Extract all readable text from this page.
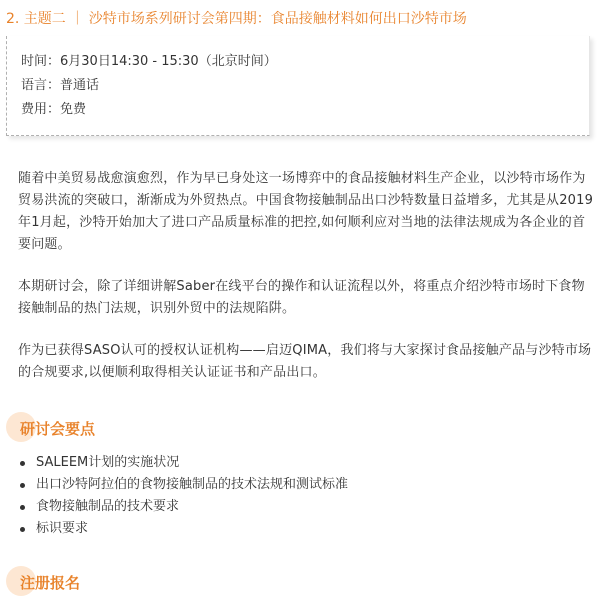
2. 主题二 ｜ 沙特市场系列研讨会第四期：食品接触材料如何出口沙特市场
时间：6月30日14:30 - 15:30（北京时间）
语言：普通话
费用：免费

随着中美贸易战愈演愈烈，作为早已身处这一场博弈中的食品接触材料生产企业，以沙特市场作为贸易洪流的突破口，渐渐成为外贸热点。中国食物接触制品出口沙特数量日益增多，尤其是从2019年1月起，沙特开始加大了进口产品质量标准的把控,如何顺利应对当地的法律法规成为各企业的首要问题。

本期研讨会，除了详细讲解Saber在线平台的操作和认证流程以外，将重点介绍沙特市场时下食物接触制品的热门法规，识别外贸中的法规陷阱。

作为已获得SASO认可的授权认证机构——启迈QIMA，我们将与大家探讨食品接触产品与沙特市场的合规要求,以便顺利取得相关认证证书和产品出口。

研讨会要点
SALEEM计划的实施状况
出口沙特阿拉伯的食物接触制品的技术法规和测试标准
食物接触制品的技术要求
标识要求
注册报名
